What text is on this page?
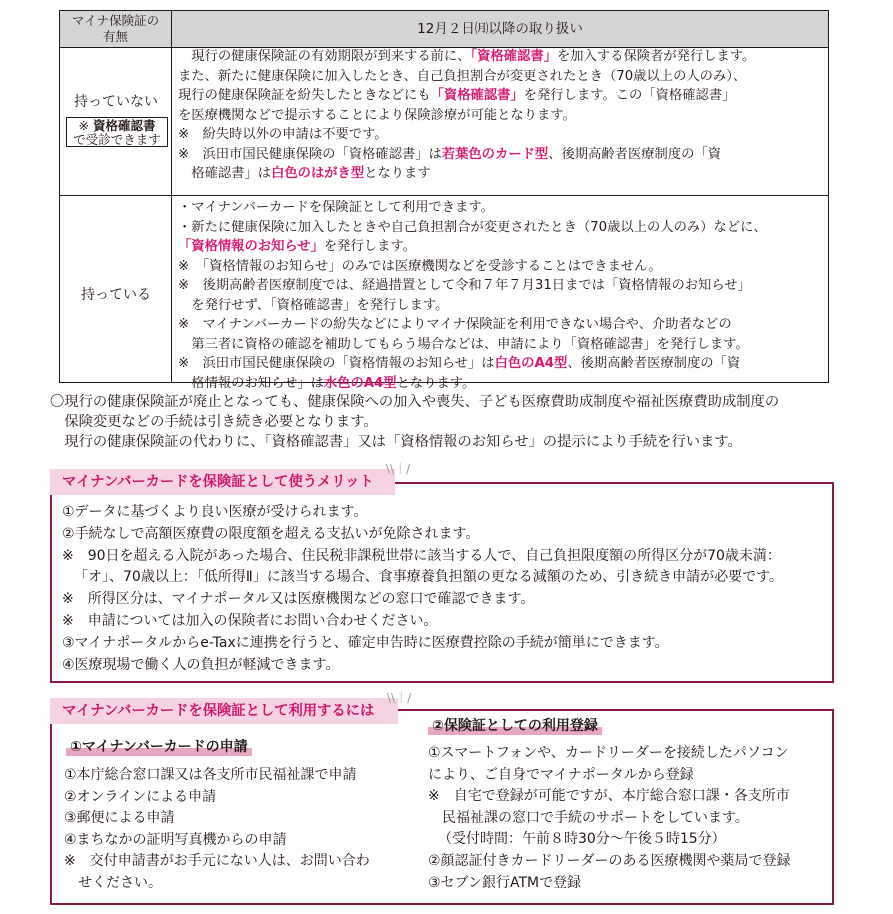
マイナ保険証の
有無	12月２日㈪以降の取り扱い
持っていない
※ 資格確認書
で受診できます
　現行の健康保険証の有効期限が到来する前に、「資格確認書」を加入する保険者が発行します。
また、新たに健康保険に加入したとき、自己負担割合が変更されたとき（70歳以上の人のみ）、
現行の健康保険証を紛失したときなどにも「資格確認書」を発行します。この「資格確認書」
を医療機関などで提示することにより保険診療が可能となります。
※　紛失時以外の申請は不要です。
※　浜田市国民健康保険の「資格確認書」は若葉色のカード型、後期高齢者医療制度の「資
　格確認書」は白色のはがき型となります
持っている
・マイナンバーカードを保険証として利用できます。
・新たに健康保険に加入したときや自己負担割合が変更されたとき（70歳以上の人のみ）などに、
「資格情報のお知らせ」を発行します。
※　「資格情報のお知らせ」のみでは医療機関などを受診することはできません。
※　後期高齢者医療制度では、経過措置として令和７年７月31日までは「資格情報のお知らせ」
　を発行せず、「資格確認書」を発行します。
※　マイナンバーカードの紛失などによりマイナ保険証を利用できない場合や、介助者などの
　第三者に資格の確認を補助してもらう場合などは、申請により「資格確認書」を発行します。
※　浜田市国民健康保険の「資格情報のお知らせ」は白色のA4型、後期高齢者医療制度の「資
　格情報のお知らせ」は水色のA4型となります。
〇現行の健康保険証が廃止となっても、健康保険への加入や喪失、子ども医療費助成制度や福祉医療費助成制度の
　保険変更などの手続は引き続き必要となります。
　現行の健康保険証の代わりに、「資格確認書」又は「資格情報のお知らせ」の提示により手続を行います。
マイナンバーカードを保険証として使うメリット
\\｜/
①データに基づくより良い医療が受けられます。
②手続なしで高額医療費の限度額を超える支払いが免除されます。
※　90日を超える入院があった場合、住民税非課税世帯に該当する人で、自己負担限度額の所得区分が70歳未満：
「オ」、70歳以上：「低所得Ⅱ」に該当する場合、食事療養負担額の更なる減額のため、引き続き申請が必要です。
※　所得区分は、マイナポータル又は医療機関などの窓口で確認できます。
※　申請については加入の保険者にお問い合わせください。
③マイナポータルからe-Taxに連携を行うと、確定申告時に医療費控除の手続が簡単にできます。
④医療現場で働く人の負担が軽減できます。
マイナンバーカードを保険証として利用するには
\\｜/
①マイナンバーカードの申請
①本庁総合窓口課又は各支所市民福祉課で申請
②オンラインによる申請
③郵便による申請
④まちなかの証明写真機からの申請
※　交付申請書がお手元にない人は、お問い合わ
　せください。
②保険証としての利用登録
①スマートフォンや、カードリーダーを接続したパソコン
により、ご自身でマイナポータルから登録
※　自宅で登録が可能ですが、本庁総合窓口課・各支所市
　民福祉課の窓口で手続のサポートをしています。
（受付時間：午前８時30分～午後５時15分）
②顔認証付きカードリーダーのある医療機関や薬局で登録
③セブン銀行ATMで登録
